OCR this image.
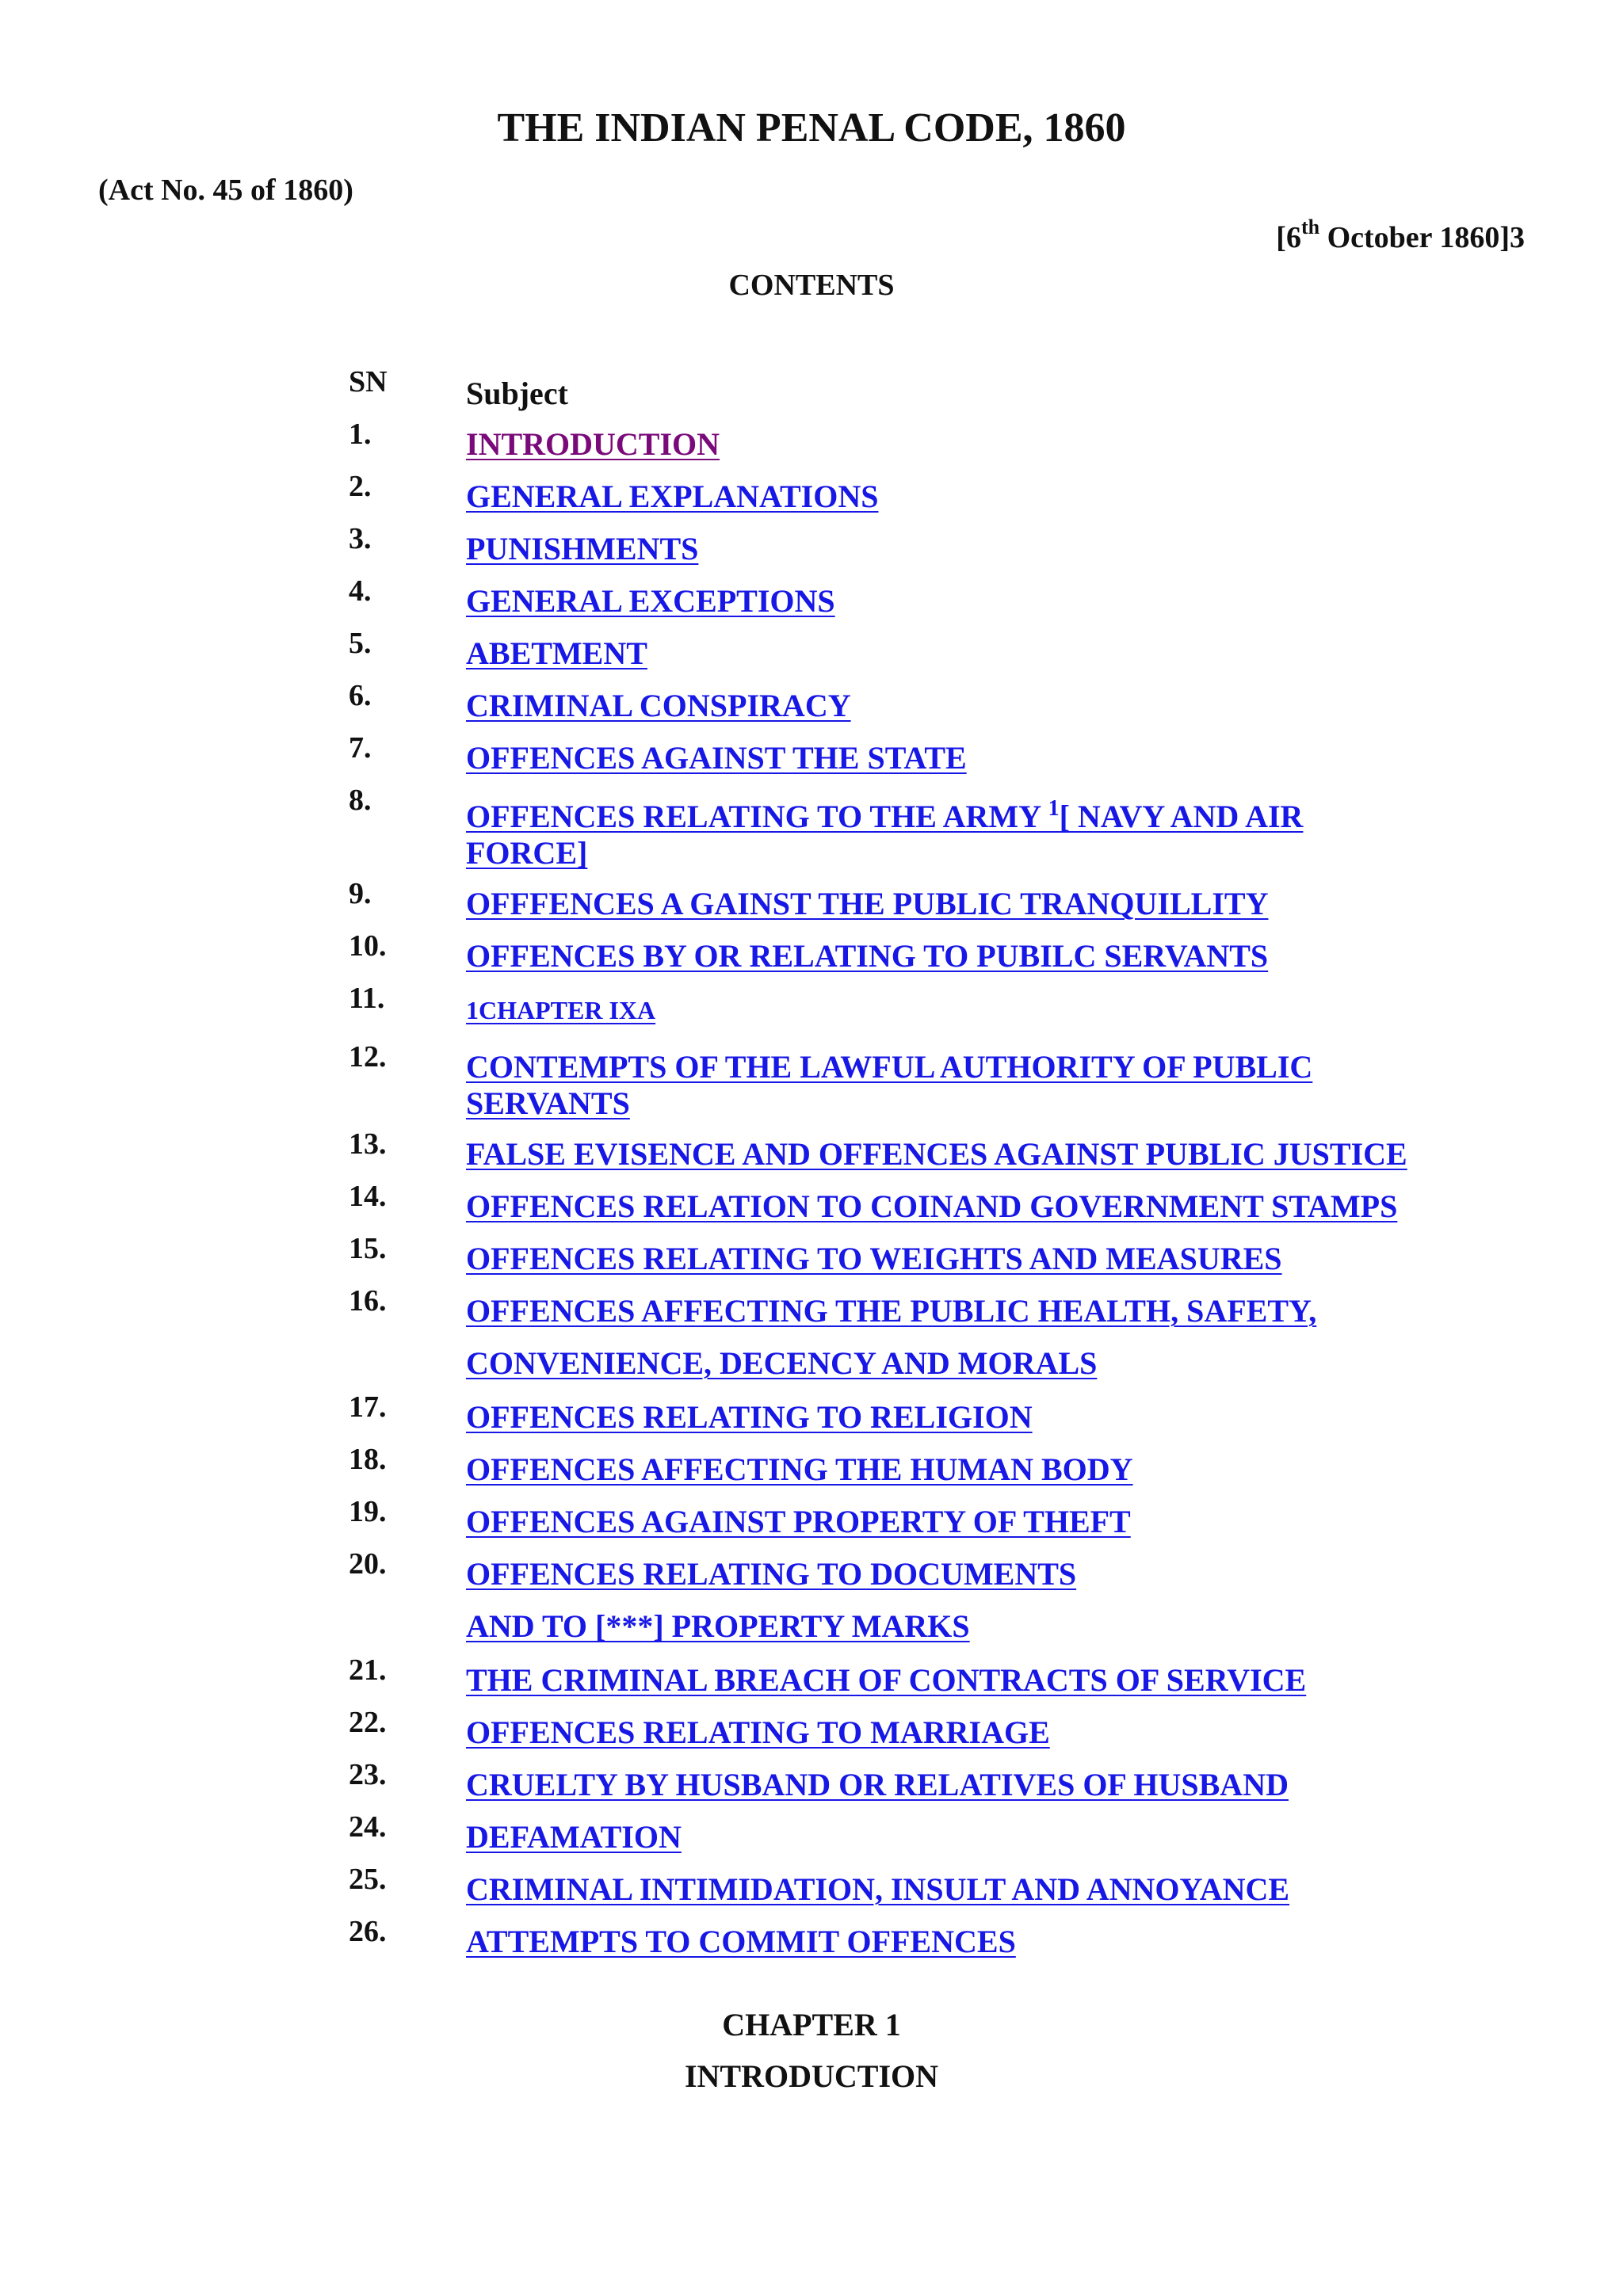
THE INDIAN PENAL CODE, 1860
(Act No. 45 of 1860)
[6th October 1860]3
CONTENTS
SN	Subject
1.	INTRODUCTION
2.	GENERAL EXPLANATIONS
3.	PUNISHMENTS
4.	GENERAL EXCEPTIONS
5.	ABETMENT
6.	CRIMINAL CONSPIRACY
7.	OFFENCES AGAINST THE STATE
8.	OFFENCES RELATING TO THE ARMY $^1$[ NAVY AND AIR FORCE]
9.	OFFFENCES A GAINST THE PUBLIC TRANQUILLITY
10.	OFFENCES BY OR RELATING TO PUBILC SERVANTS
11.	1CHAPTER IXA
12.	CONTEMPTS OF THE LAWFUL AUTHORITY OF PUBLIC SERVANTS
13.	FALSE EVISENCE AND OFFENCES AGAINST PUBLIC JUSTICE
14.	OFFENCES RELATION TO COINAND GOVERNMENT STAMPS
15.	OFFENCES RELATING TO WEIGHTS AND MEASURES
16.	OFFENCES AFFECTING THE PUBLIC HEALTH, SAFETY,
CONVENIENCE, DECENCY AND MORALS
17.	OFFENCES RELATING TO RELIGION
18.	OFFENCES AFFECTING THE HUMAN BODY
19.	OFFENCES AGAINST PROPERTY OF THEFT
20.	OFFENCES RELATING TO DOCUMENTS
AND TO [***] PROPERTY MARKS
21.	THE CRIMINAL BREACH OF CONTRACTS OF SERVICE
22.	OFFENCES RELATING TO MARRIAGE
23.	CRUELTY BY HUSBAND OR RELATIVES OF HUSBAND
24.	DEFAMATION
25.	CRIMINAL INTIMIDATION, INSULT AND ANNOYANCE
26.	ATTEMPTS TO COMMIT OFFENCES
CHAPTER 1
INTRODUCTION
